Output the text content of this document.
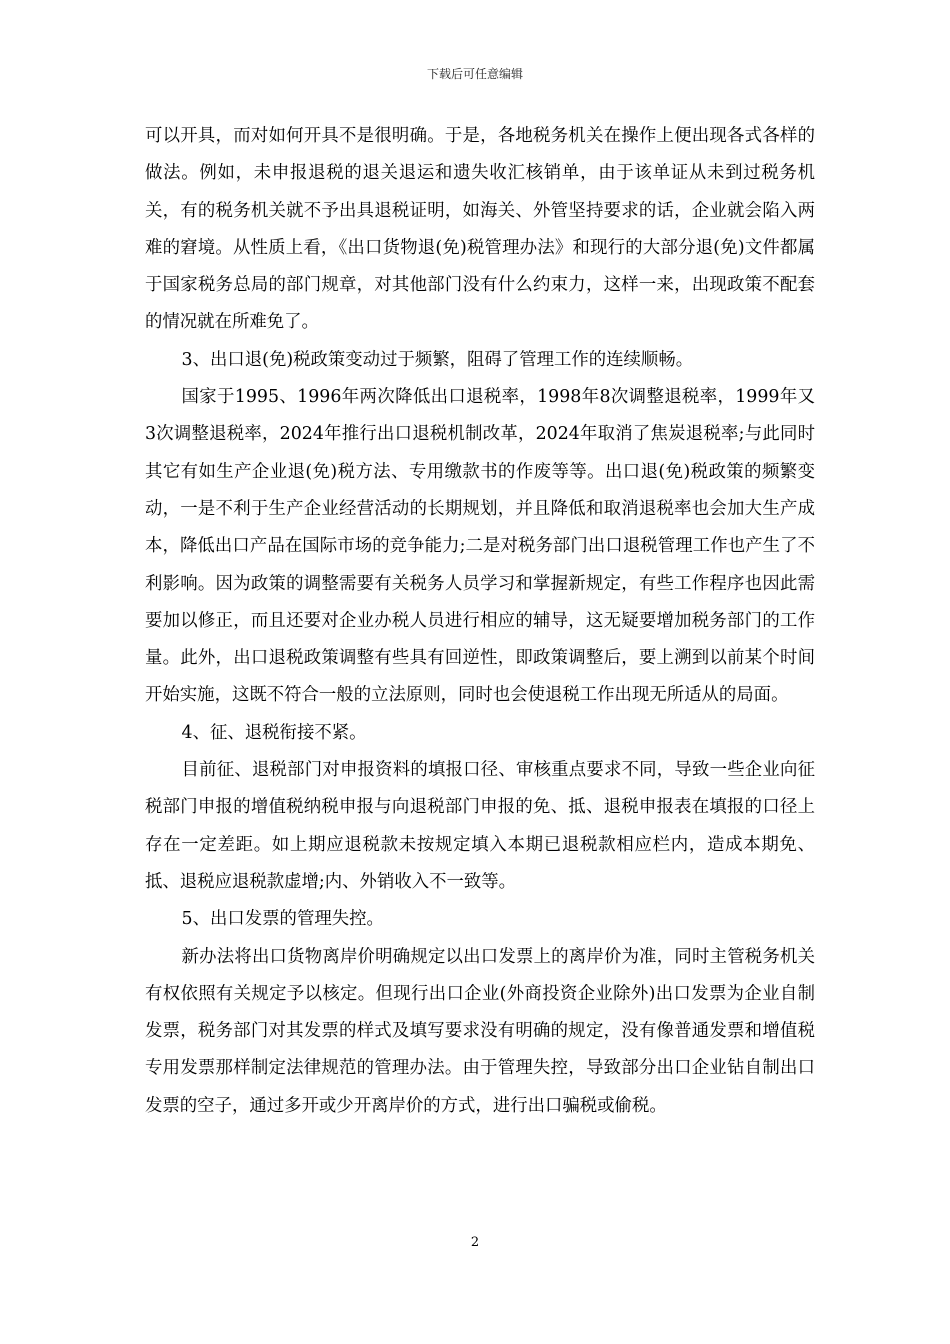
下载后可任意编辑

可以开具，而对如何开具不是很明确。于是，各地税务机关在操作上便出现各式各样的做法。例如，未申报退税的退关退运和遗失收汇核销单，由于该单证从未到过税务机关，有的税务机关就不予出具退税证明，如海关、外管坚持要求的话，企业就会陷入两难的窘境。从性质上看，《出口货物退(免)税管理办法》和现行的大部分退(免)文件都属于国家税务总局的部门规章，对其他部门没有什么约束力，这样一来，出现政策不配套的情况就在所难免了。

3、出口退(免)税政策变动过于频繁，阻碍了管理工作的连续顺畅。

国家于1995、1996年两次降低出口退税率，1998年8次调整退税率，1999年又3次调整退税率，2024年推行出口退税机制改革，2024年取消了焦炭退税率;与此同时其它有如生产企业退(免)税方法、专用缴款书的作废等等。出口退(免)税政策的频繁变动，一是不利于生产企业经营活动的长期规划，并且降低和取消退税率也会加大生产成本，降低出口产品在国际市场的竞争能力;二是对税务部门出口退税管理工作也产生了不利影响。因为政策的调整需要有关税务人员学习和掌握新规定，有些工作程序也因此需要加以修正，而且还要对企业办税人员进行相应的辅导，这无疑要增加税务部门的工作量。此外，出口退税政策调整有些具有回逆性，即政策调整后，要上溯到以前某个时间开始实施，这既不符合一般的立法原则，同时也会使退税工作出现无所适从的局面。

4、征、退税衔接不紧。

目前征、退税部门对申报资料的填报口径、审核重点要求不同，导致一些企业向征税部门申报的增值税纳税申报与向退税部门申报的免、抵、退税申报表在填报的口径上存在一定差距。如上期应退税款未按规定填入本期已退税款相应栏内，造成本期免、抵、退税应退税款虚增;内、外销收入不一致等。

5、出口发票的管理失控。

新办法将出口货物离岸价明确规定以出口发票上的离岸价为准，同时主管税务机关有权依照有关规定予以核定。但现行出口企业(外商投资企业除外)出口发票为企业自制发票，税务部门对其发票的样式及填写要求没有明确的规定，没有像普通发票和增值税专用发票那样制定法律规范的管理办法。由于管理失控，导致部分出口企业钻自制出口发票的空子，通过多开或少开离岸价的方式，进行出口骗税或偷税。

2
